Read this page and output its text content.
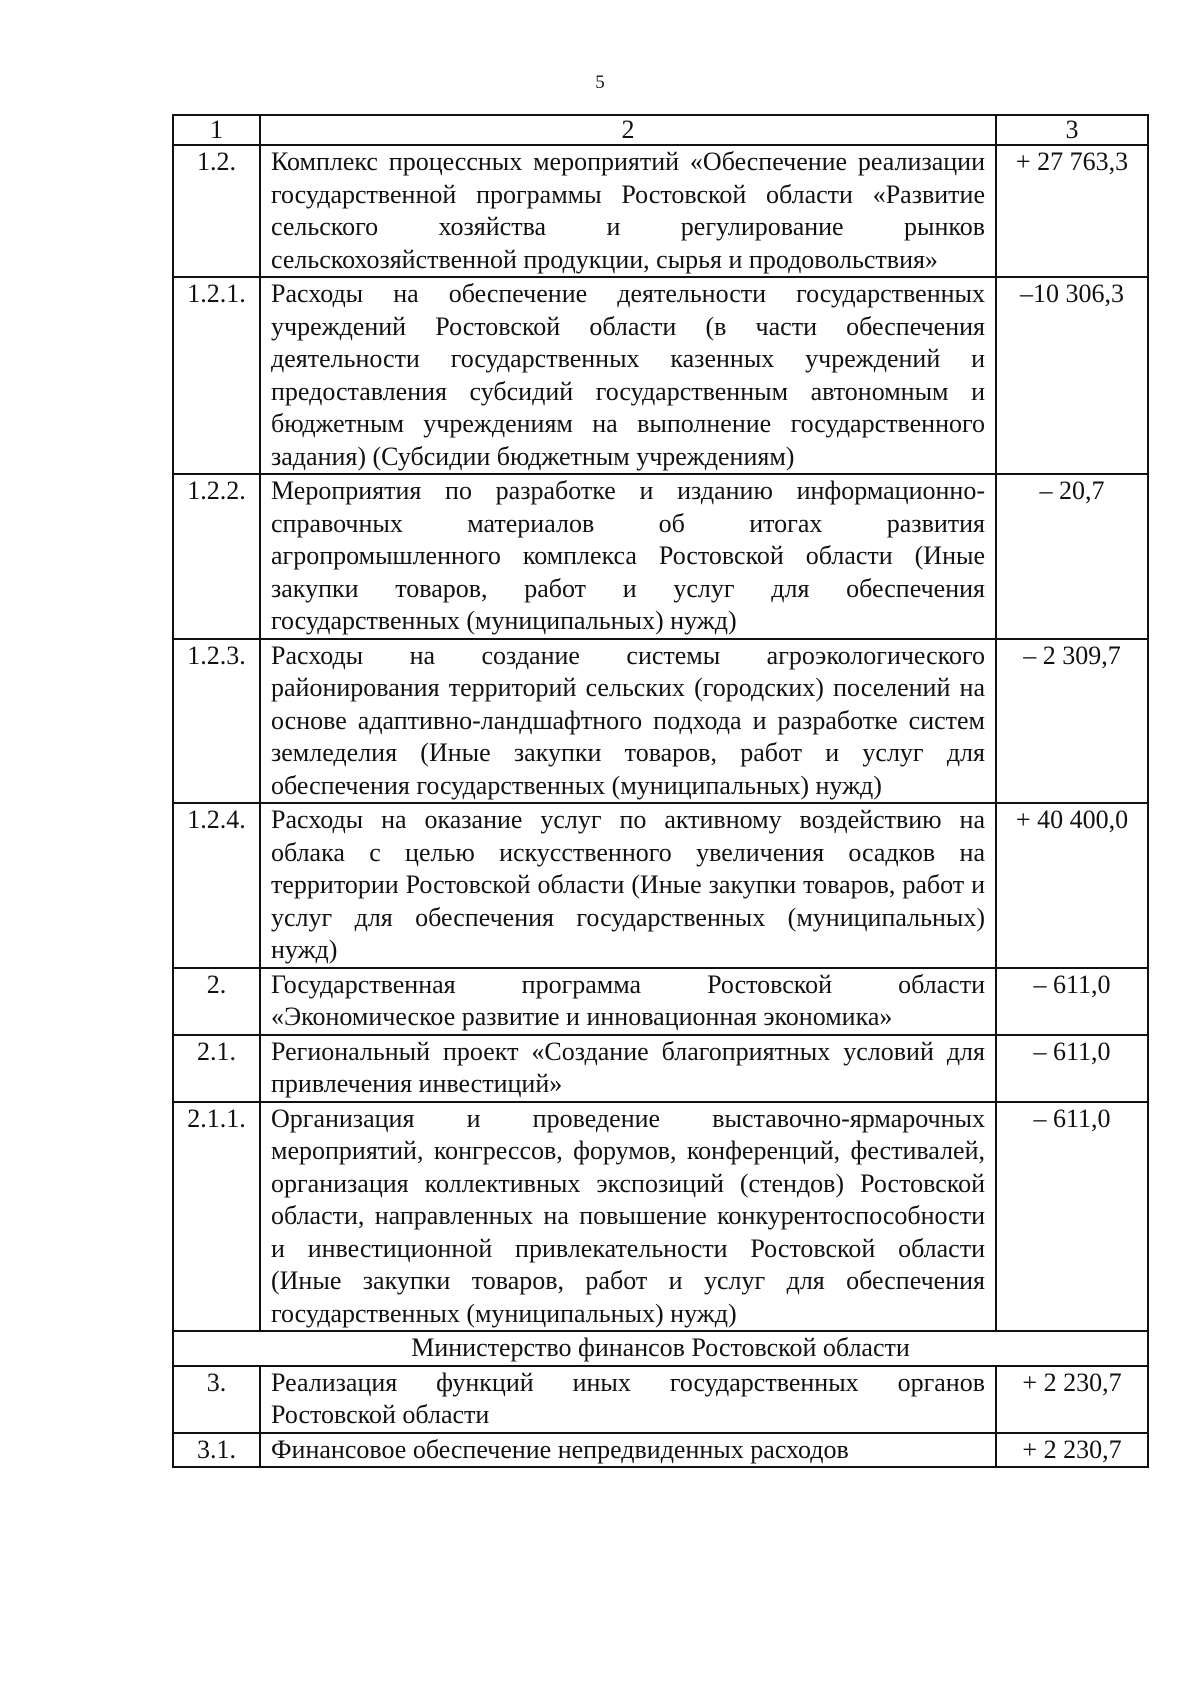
5
1	2	3
1.2.	Комплекс процессных мероприятий «Обеспечение реализации государственной программы Ростовской области «Развитие сельского хозяйства и регулирование рынков сельскохозяйственной продукции, сырья и продовольствия»	+ 27 763,3
1.2.1.	Расходы на обеспечение деятельности государственных учреждений Ростовской области (в части обеспечения деятельности государственных казенных учреждений и предоставления субсидий государственным автономным и бюджетным учреждениям на выполнение государственного задания) (Субсидии бюджетным учреждениям)	–10 306,3
1.2.2.	Мероприятия по разработке и изданию информационно-справочных материалов об итогах развития агропромышленного комплекса Ростовской области (Иные закупки товаров, работ и услуг для обеспечения государственных (муниципальных) нужд)	– 20,7
1.2.3.	Расходы на создание системы агроэкологического районирования территорий сельских (городских) поселений на основе адаптивно-ландшафтного подхода и разработке систем земледелия (Иные закупки товаров, работ и услуг для обеспечения государственных (муниципальных) нужд)	– 2 309,7
1.2.4.	Расходы на оказание услуг по активному воздействию на облака с целью искусственного увеличения осадков на территории Ростовской области (Иные закупки товаров, работ и услуг для обеспечения государственных (муниципальных) нужд)	+ 40 400,0
2.	Государственная программа Ростовской области «Экономическое развитие и инновационная экономика»	– 611,0
2.1.	Региональный проект «Создание благоприятных условий для привлечения инвестиций»	– 611,0
2.1.1.	Организация и проведение выставочно-ярмарочных мероприятий, конгрессов, форумов, конференций, фестивалей, организация коллективных экспозиций (стендов) Ростовской области, направленных на повышение конкурентоспособности и инвестиционной привлекательности Ростовской области (Иные закупки товаров, работ и услуг для обеспечения государственных (муниципальных) нужд)	– 611,0
Министерство финансов Ростовской области		
3.	Реализация функций иных государственных органов Ростовской области	+ 2 230,7
3.1.	Финансовое обеспечение непредвиденных расходов	+ 2 230,7
